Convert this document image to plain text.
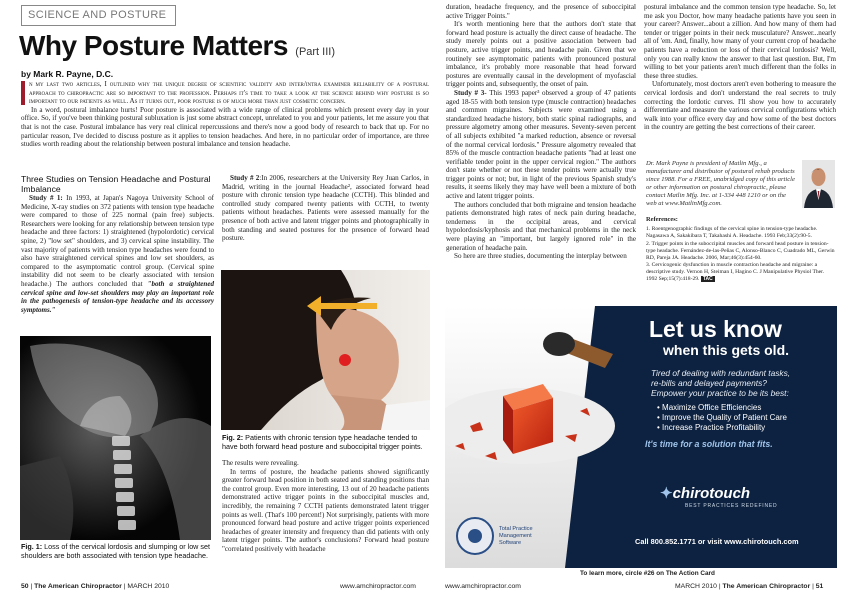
SCIENCE AND POSTURE
Why Posture Matters (Part III)
by Mark R. Payne, D.C.

n my last two articles, I outlined why the unique degree of scientific validity and inter/intra examiner reliability of a postural approach to chiropractic are so important to the profession. Perhaps it's time to take a look at the science behind why posture is so important to our patients as well. As it turns out, poor posture is of much more than just cosmetic concern.

In a word, postural imbalance hurts! Poor posture is associated with a wide range of clinical problems which present every day in your office. So, if you've been thinking postural subluxation is just some abstract concept, unrelated to you and your patients, let me assure you that that is not the case. Postural imbalance has very real clinical repercussions and there's now a good body of research to back that up. For no particular reason, I've decided to discuss posture as it applies to tension headaches. And here, in no particular order of importance, are three studies worth reading about the relationship between postural imbalance and tension headache.

Three Studies on Tension Headache and Postural Imbalance

Study # 1: In 1993, at Japan's Nagoya University School of Medicine, X-ray studies on 372 patients with tension type headache were compared to those of 225 normal (pain free) subjects. Researchers were looking for any relationship between tension type headache and three factors: 1) straightened (hypolordotic) cervical spine, 2) "low set" shoulders, and 3) cervical spine instability. The vast majority of patients with tension type headaches were found to also have straightened cervical spines and low set shoulders, as compared to the asymptomatic control group. (Cervical spine instability did not seem to be clearly associated with tension headache.) The authors concluded that "both a straightened cervical spine and low-set shoulders may play an important role in the pathogenesis of tension-type headache and its accessory symptoms."

Fig. 1: Loss of the cervical lordosis and slumping or low set shoulders are both associated with tension type headache.

Study # 2:In 2006, researchers at the University Rey Juan Carlos, in Madrid, writing in the journal Headache², associated forward head posture with chronic tension type headache (CCTH). This blinded and controlled study compared twenty patients with CCTH, to twenty patients without headaches. Patients were assessed manually for the presence of both active and latent trigger points and photographically in both standing and seated postures for the presence of forward head posture.

Fig. 2: Patients with chronic tension type headache tended to have both forward head posture and suboccipital trigger points.

The results were revealing.

In terms of posture, the headache patients showed significantly greater forward head position in both seated and standing positions than the control group. Even more interesting, 13 out of 20 headache patients demonstrated active trigger points in the suboccipital muscles and, incredibly, the remaining 7 CCTH patients demonstrated latent trigger points as well. (That's 100 percent!) Not surprisingly, patients with more pronounced forward head posture and active trigger points experienced headaches of greater intensity and frequency than did patients with only latent trigger points. The author's conclusions? Forward head posture "correlated positively with headache

50 | The American Chiropractor | MARCH 2010	www.amchiropractor.com

duration, headache frequency, and the presence of suboccipital active Trigger Points."

It's worth mentioning here that the authors don't state that forward head posture is actually the direct cause of headache. The study merely points out a positive association between bad posture, active trigger points, and headache pain. Given that we routinely see asymptomatic patients with pronounced postural imbalance, it's probably more reasonable that head forward postures are eventually causal in the development of myofascial trigger points and, subsequently, the onset of pain.

Study # 3- This 1993 paper³ observed a group of 47 patients aged 18-55 with both tension type (muscle contraction) headaches and common migraines. Subjects were examined using a standardized headache history, both static spinal radiographs, and pressure algometry among other measures. Seventy-seven percent of all subjects exhibited "a marked reduction, absence or reversal of the normal cervical lordosis." Pressure algometry revealed that 85% of the muscle contraction headache patients "had at least one verifiable tender point in the upper cervical region." The authors don't state whether or not these tender points were actually true trigger points or not; but, in light of the previous Spanish study's results, it seems likely they may have well been a mixture of both active and latent trigger points.

The authors concluded that both migraine and tension headache patients demonstrated high rates of neck pain during headache, tenderness in the occipital areas, and cervical hypolordosis/kyphosis and that mechanical problems in the neck were playing an "important, but largely ignored role" in the generation of headache pain.

So here are three studies, documenting the interplay between

postural imbalance and the common tension type headache. So, let me ask you Doctor, how many headache patients have you seen in your career? Answer...about a zillion. And how many of them had tender or trigger points in their neck musculature? Answer...nearly all of 'em. And, finally, how many of your current crop of headache patients have a reduction or loss of their cervical lordosis? Well, only you can really know the answer to that last question. But, I'm willing to bet your patients aren't much different than the folks in these three studies.

Unfortunately, most doctors aren't even bothering to measure the cervical lordosis and don't understand the real secrets to truly correcting the lordotic curves. I'll show you how to accurately differentiate and measure the various cervical configurations which walk into your office every day and how some of the best doctors in the country are getting the best corrections of their career.

Dr. Mark Payne is president of Matlin Mfg., a manufacturer and distributor of postural rehab products since 1988. For a FREE, unabridged copy of this article or other information on postural chiropractic, please contact Matlin Mfg. Inc. at 1-334 448 1210 or on the web at www.MatlinMfg.com.
References:
1. Roentgenographic findings of the cervical spine in tension-type headache. Nagasawa A, Sakakibara T, Takahashi A. Headache. 1993 Feb;33(2):90-5.
2. Trigger points in the suboccipital muscles and forward head posture in tension-type headache. Fernández-de-las-Peñas C, Alonso-Blanco C, Cuadrado ML, Gerwin RD, Pareja JA. Headache. 2006, Mar;46(3):454-60.
3. Cervicogenic dysfunction in muscle contraction headache and migraine: a descriptive study. Vernon H, Steiman I, Hagino C. J Manipulative Physiol Ther. 1992 Sep;15(7):418-29. TAC
Let us know
when this gets old.
Tired of dealing with redundant tasks,
re-bills and delayed payments?
Empower your practice to be its best:
• Maximize Office Efficiencies
• Improve the Quality of Patient Care
• Increase Practice Profitability
It's time for a solution that fits.
✦chirotouch
BEST PRACTICES REDEFINED
Total Practice
Management
Software	Call 800.852.1771 or visit www.chirotouch.com
To learn more, circle #26 on The Action Card
www.amchiropractor.com	MARCH 2010 | The American Chiropractor | 51
